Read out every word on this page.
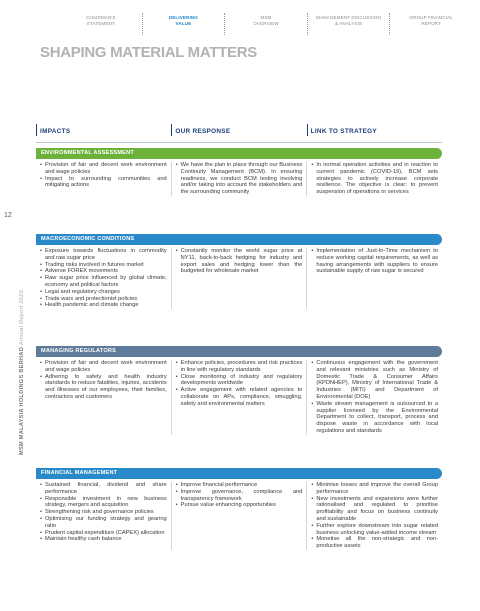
CHAIRMAN'S
STATEMENT
DELIVERING
VALUE
MSM
OVERVIEW
MANAGEMENT DISCUSSION
& ANALYSIS
GROUP FINANCIAL
REPORT
SHAPING MATERIAL MATTERS
12
MSM MALAYSIA HOLDINGS BERHAD Annual Report 2020
IMPACTS	OUR RESPONSE	LINK TO STRATEGY
ENVIRONMENTAL ASSESSMENT
• Provision of fair and decent work environment and wage policies
• Impact to surrounding communities and mitigating actions
• We have the plan in place through our Business Continuity Management (BCM). In ensuring readiness, we conduct BCM testing involving and/or taking into account the stakeholders and the surrounding community
• In normal operation activities and in reaction to current pandemic (COVID-19), BCM sets strategies to actively increase corporate resilience. The objective is clear: to prevent suspension of operations or services
MACROECONOMIC CONDITIONS
• Exposure towards fluctuations in commodity and raw sugar price
• Trading risks involved in futures market
• Adverse FOREX movements
• Raw sugar price influenced by global climate, economy and political factors
• Legal and regulatory changes
• Trade wars and protectionist policies
• Health pandemic and climate change
• Constantly monitor the world sugar price at NY11, back-to-back hedging for industry and export sales and hedging lower than the budgeted for wholesale market
• Implementation of Just-In-Time mechanism to reduce working capital requirements, as well as having arrangements with suppliers to ensure sustainable supply of raw sugar is secured
MANAGING REGULATORS
• Provision of fair and decent work environment and wage policies
• Adhering to safety and health industry standards to reduce fatalities, injuries, accidents and illnesses of our employees, their families, contractors and customers
• Enhance policies, procedures and risk practices in line with regulatory standards
• Close monitoring of industry and regulatory developments worldwide
• Active engagement with related agencies to collaborate on APs, compliance, smuggling, safety and environmental matters
• Continuous engagement with the government and relevant ministries such as Ministry of Domestic Trade & Consumer Affairs (KPDNHEP), Ministry of International Trade & Industries (MITI) and Department of Environmental (DOE)
• Waste stream management is outsourced to a supplier licensed by the Environmental Department to collect, transport, process and dispose waste in accordance with local regulations and standards
FINANCIAL MANAGEMENT
• Sustained financial, dividend and share performance
• Responsible investment in new business strategy, mergers and acquisition
• Strengthening risk and governance policies
• Optimising our funding strategy and gearing ratio
• Prudent capital expenditure (CAPEX) allocation
• Maintain healthy cash balance
• Improve financial performance
• Improve governance, compliance and transparency framework
• Pursue value enhancing opportunities
• Minimise losses and improve the overall Group performance
• New investments and expansions were further rationalised and regulated to prioritise profitability and focus on business continuity and sustainable
• Further explore downstream into sugar related business unlocking value-added income stream
• Monetise all the non-strategic and non-productive assets
